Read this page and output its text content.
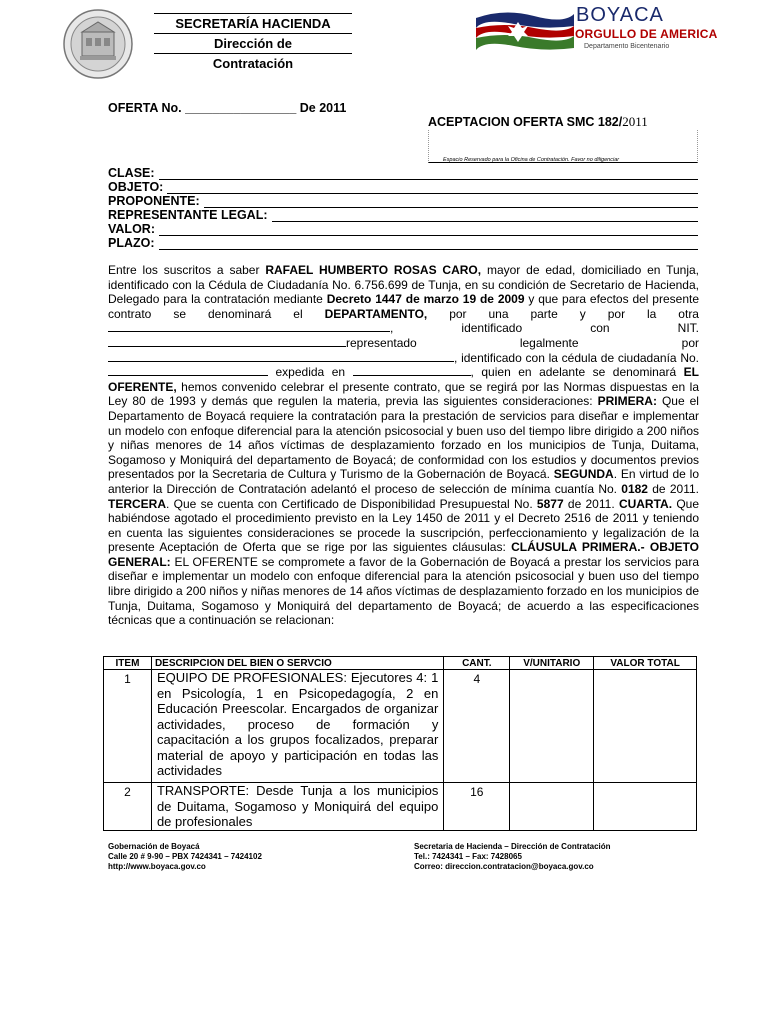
SECRETARÍA HACIENDA
Dirección de
Contratación
BOYACA
ORGULLO DE AMERICA
Departamento Bicentenario
OFERTA No. ________________ De 2011
ACEPTACION OFERTA SMC 182/2011
Espacio Reservado para la Oficina de Contratación. Favor no diligenciar
CLASE:
OBJETO:
PROPONENTE:
REPRESENTANTE LEGAL:
VALOR:
PLAZO:
Entre los suscritos a saber RAFAEL HUMBERTO ROSAS CARO, mayor de edad, domiciliado en Tunja, identificado con la Cédula de Ciudadanía No. 6.756.699 de Tunja, en su condición de Secretario de Hacienda, Delegado para la contratación mediante Decreto 1447 de marzo 19 de 2009 y que para efectos del presente contrato se denominará el DEPARTAMENTO, por una parte y por la otra , identificado con NIT. representado legalmente por , identificado con la cédula de ciudadanía No.  expedida en	, quien en adelante se denominará EL OFERENTE, hemos convenido celebrar el presente contrato, que se regirá por las Normas dispuestas en la Ley 80 de 1993 y demás que regulen la materia, previa las siguientes consideraciones: PRIMERA: Que el Departamento de Boyacá requiere la contratación para la prestación de servicios para diseñar e implementar un modelo con enfoque diferencial para la atención psicosocial y buen uso del tiempo libre dirigido a 200 niños y niñas menores de 14 años víctimas de desplazamiento forzado en los municipios de Tunja, Duitama, Sogamoso y Moniquirá del departamento de Boyacá; de conformidad con los estudios y documentos previos presentados por la Secretaria de Cultura y Turismo de la Gobernación de Boyacá. SEGUNDA. En virtud de lo anterior la Dirección de Contratación adelantó el proceso de selección de mínima cuantía No. 0182 de 2011. TERCERA. Que se cuenta con Certificado de Disponibilidad Presupuestal No. 5877 de 2011. CUARTA. Que habiéndose agotado el procedimiento previsto en la Ley 1450 de 2011 y el Decreto 2516 de 2011 y teniendo en cuenta las siguientes consideraciones se procede la suscripción, perfeccionamiento y legalización de la presente Aceptación de Oferta que se rige por las siguientes cláusulas: CLÁUSULA PRIMERA.- OBJETO GENERAL: EL OFERENTE se compromete a favor de la Gobernación de Boyacá a prestar los servicios para diseñar e implementar un modelo con enfoque diferencial para la atención psicosocial y buen uso del tiempo libre dirigido a 200 niños y niñas menores de 14 años víctimas de desplazamiento forzado en los municipios de Tunja, Duitama, Sogamoso y Moniquirá del departamento de Boyacá; de acuerdo a las especificaciones técnicas que a continuación se relacionan:
ITEM	DESCRIPCION DEL BIEN O SERVCIO	CANT.	V/UNITARIO	VALOR TOTAL
1	EQUIPO DE PROFESIONALES: Ejecutores 4: 1 en Psicología, 1 en Psicopedagogía, 2 en Educación Preescolar. Encargados de organizar actividades, proceso de formación y capacitación a los grupos focalizados, preparar material de apoyo y participación en todas las actividades	4		
2	TRANSPORTE: Desde Tunja a los municipios de Duitama, Sogamoso y Moniquirá del equipo de profesionales	16		
Gobernación de Boyacá
Calle 20 # 9-90 – PBX 7424341 – 7424102
http://www.boyaca.gov.co
Secretaria de Hacienda – Dirección de Contratación
Tel.: 7424341 – Fax: 7428065
Correo: direccion.contratacion@boyaca.gov.co
